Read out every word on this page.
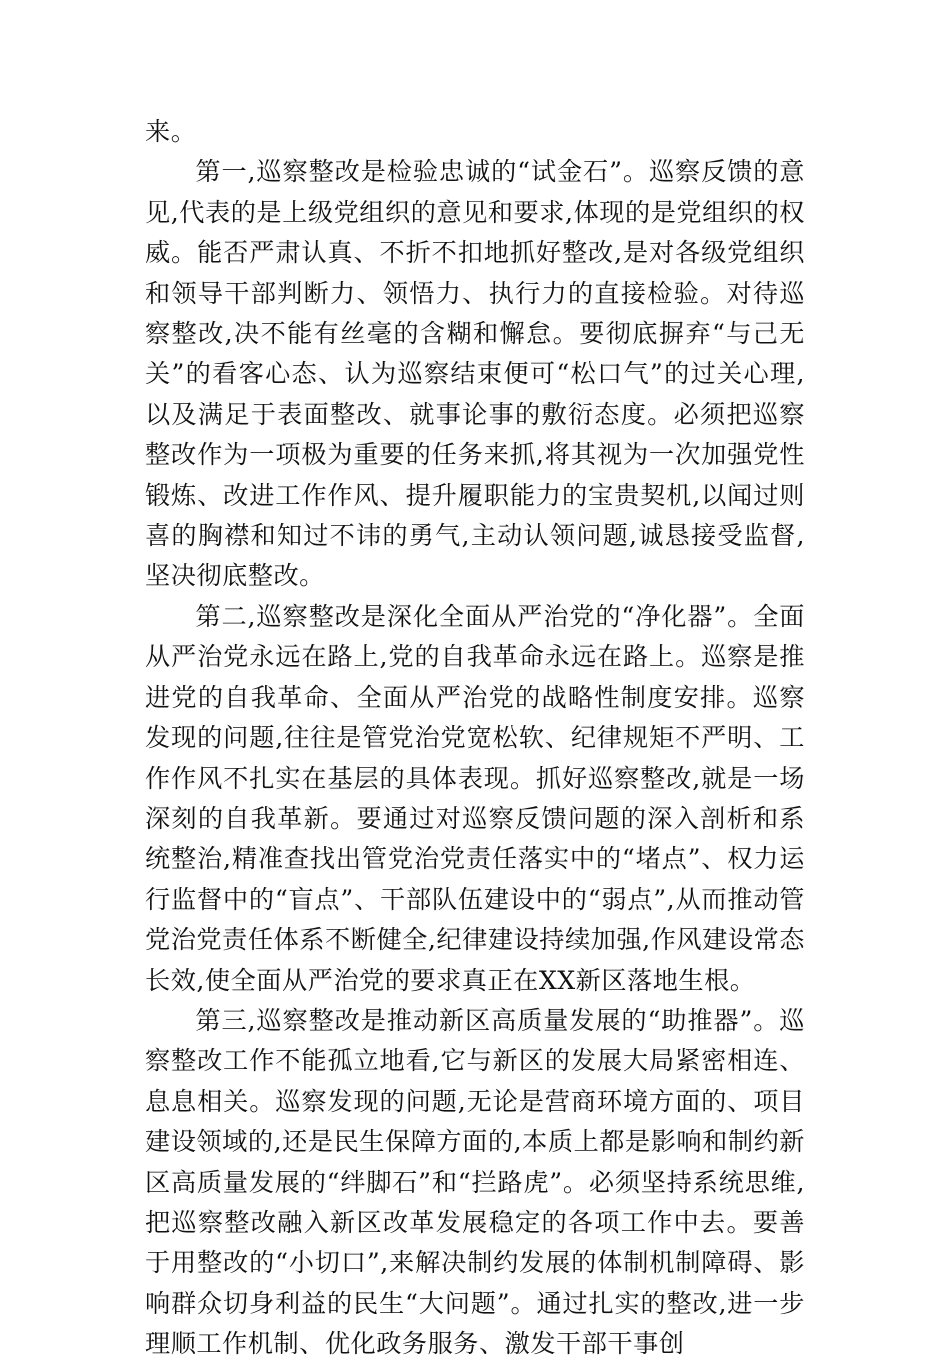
来。

第一,巡察整改是检验忠诚的“试金石”。巡察反馈的意见,代表的是上级党组织的意见和要求,体现的是党组织的权威。能否严肃认真、不折不扣地抓好整改,是对各级党组织和领导干部判断力、领悟力、执行力的直接检验。对待巡察整改,决不能有丝毫的含糊和懈怠。要彻底摒弃“与己无关”的看客心态、认为巡察结束便可“松口气”的过关心理,以及满足于表面整改、就事论事的敷衍态度。必须把巡察整改作为一项极为重要的任务来抓,将其视为一次加强党性锻炼、改进工作作风、提升履职能力的宝贵契机,以闻过则喜的胸襟和知过不讳的勇气,主动认领问题,诚恳接受监督,坚决彻底整改。

第二,巡察整改是深化全面从严治党的“净化器”。全面从严治党永远在路上,党的自我革命永远在路上。巡察是推进党的自我革命、全面从严治党的战略性制度安排。巡察发现的问题,往往是管党治党宽松软、纪律规矩不严明、工作作风不扎实在基层的具体表现。抓好巡察整改,就是一场深刻的自我革新。要通过对巡察反馈问题的深入剖析和系统整治,精准查找出管党治党责任落实中的“堵点”、权力运行监督中的“盲点”、干部队伍建设中的“弱点”,从而推动管党治党责任体系不断健全,纪律建设持续加强,作风建设常态长效,使全面从严治党的要求真正在XX新区落地生根。

第三,巡察整改是推动新区高质量发展的“助推器”。巡察整改工作不能孤立地看,它与新区的发展大局紧密相连、息息相关。巡察发现的问题,无论是营商环境方面的、项目建设领域的,还是民生保障方面的,本质上都是影响和制约新区高质量发展的“绊脚石”和“拦路虎”。必须坚持系统思维,把巡察整改融入新区改革发展稳定的各项工作中去。要善于用整改的“小切口”,来解决制约发展的体制机制障碍、影响群众切身利益的民生“大问题”。通过扎实的整改,进一步理顺工作机制、优化政务服务、激发干部干事创
